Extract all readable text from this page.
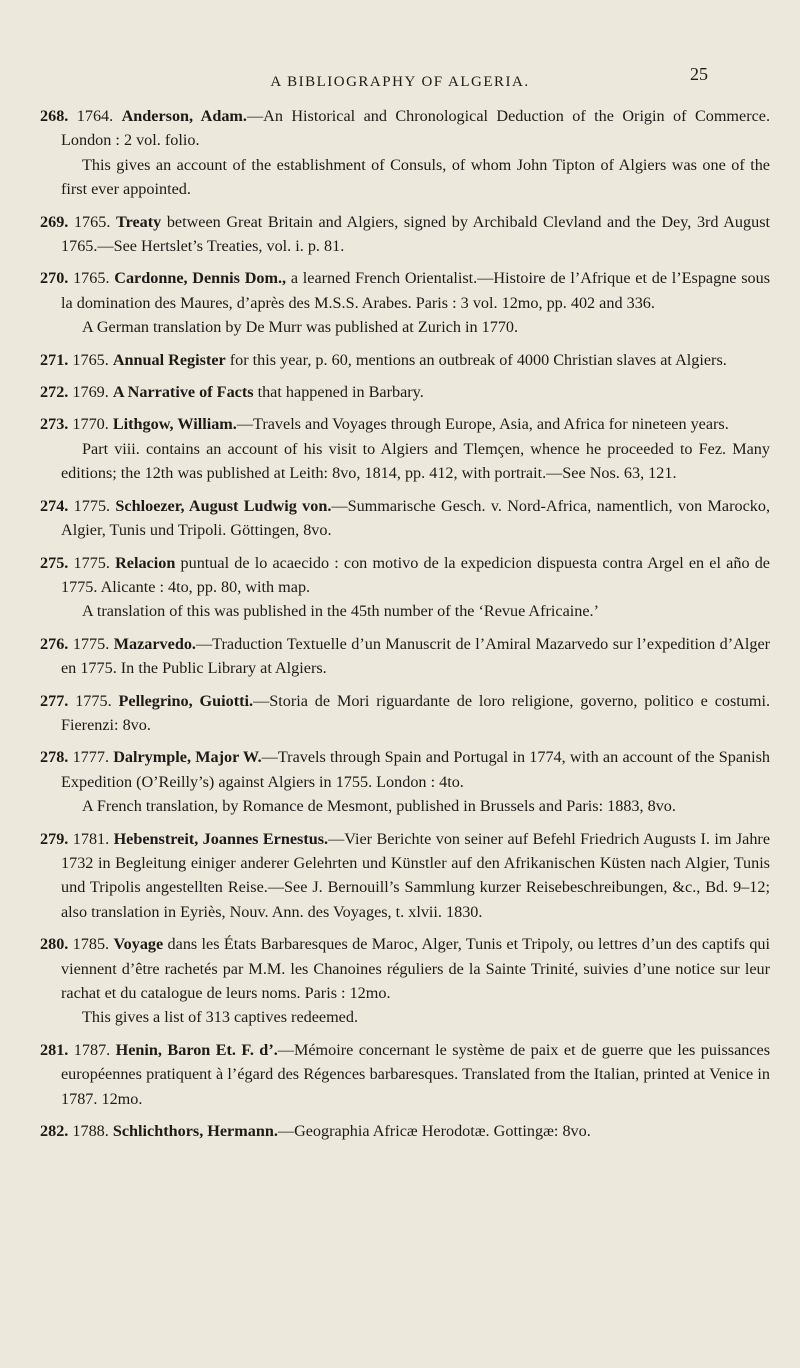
A BIBLIOGRAPHY OF ALGERIA.	25

268. 1764. Anderson, Adam.—An Historical and Chronological Deduction of the Origin of Commerce. London : 2 vol. folio.

This gives an account of the establishment of Consuls, of whom John Tipton of Algiers was one of the first ever appointed.

269. 1765. Treaty between Great Britain and Algiers, signed by Archibald Clevland and the Dey, 3rd August 1765.—See Hertslet’s Treaties, vol. i. p. 81.

270. 1765. Cardonne, Dennis Dom., a learned French Orientalist.—Histoire de l’Afrique et de l’Espagne sous la domination des Maures, d’après des M.S.S. Arabes. Paris : 3 vol. 12mo, pp. 402 and 336.

A German translation by De Murr was published at Zurich in 1770.

271. 1765. Annual Register for this year, p. 60, mentions an outbreak of 4000 Christian slaves at Algiers.

272. 1769. A Narrative of Facts that happened in Barbary.

273. 1770. Lithgow, William.—Travels and Voyages through Europe, Asia, and Africa for nineteen years.

Part viii. contains an account of his visit to Algiers and Tlemçen, whence he proceeded to Fez. Many editions; the 12th was published at Leith: 8vo, 1814, pp. 412, with portrait.—See Nos. 63, 121.

274. 1775. Schloezer, August Ludwig von.—Summarische Gesch. v. Nord-Africa, namentlich, von Marocko, Algier, Tunis und Tripoli. Göttingen, 8vo.

275. 1775. Relacion puntual de lo acaecido : con motivo de la expedicion dispuesta contra Argel en el año de 1775. Alicante : 4to, pp. 80, with map.

A translation of this was published in the 45th number of the ‘Revue Africaine.’

276. 1775. Mazarvedo.—Traduction Textuelle d’un Manuscrit de l’Amiral Mazarvedo sur l’expedition d’Alger en 1775. In the Public Library at Algiers.

277. 1775. Pellegrino, Guiotti.—Storia de Mori riguardante de loro religione, governo, politico e costumi. Fierenzi: 8vo.

278. 1777. Dalrymple, Major W.—Travels through Spain and Portugal in 1774, with an account of the Spanish Expedition (O’Reilly’s) against Algiers in 1755. London : 4to.

A French translation, by Romance de Mesmont, published in Brussels and Paris: 1883, 8vo.

279. 1781. Hebenstreit, Joannes Ernestus.—Vier Berichte von seiner auf Befehl Friedrich Augusts I. im Jahre 1732 in Begleitung einiger anderer Gelehrten und Künstler auf den Afrikanischen Küsten nach Algier, Tunis und Tripolis angestellten Reise.—See J. Bernouill’s Sammlung kurzer Reisebeschreibungen, &c., Bd. 9–12; also translation in Eyriès, Nouv. Ann. des Voyages, t. xlvii. 1830.

280. 1785. Voyage dans les États Barbaresques de Maroc, Alger, Tunis et Tripoly, ou lettres d’un des captifs qui viennent d’être rachetés par M.M. les Chanoines réguliers de la Sainte Trinité, suivies d’une notice sur leur rachat et du catalogue de leurs noms. Paris : 12mo.

This gives a list of 313 captives redeemed.

281. 1787. Henin, Baron Et. F. d’.—Mémoire concernant le système de paix et de guerre que les puissances européennes pratiquent à l’égard des Régences barbaresques. Translated from the Italian, printed at Venice in 1787. 12mo.

282. 1788. Schlichthors, Hermann.—Geographia Africæ Herodotæ. Gottingæ: 8vo.
